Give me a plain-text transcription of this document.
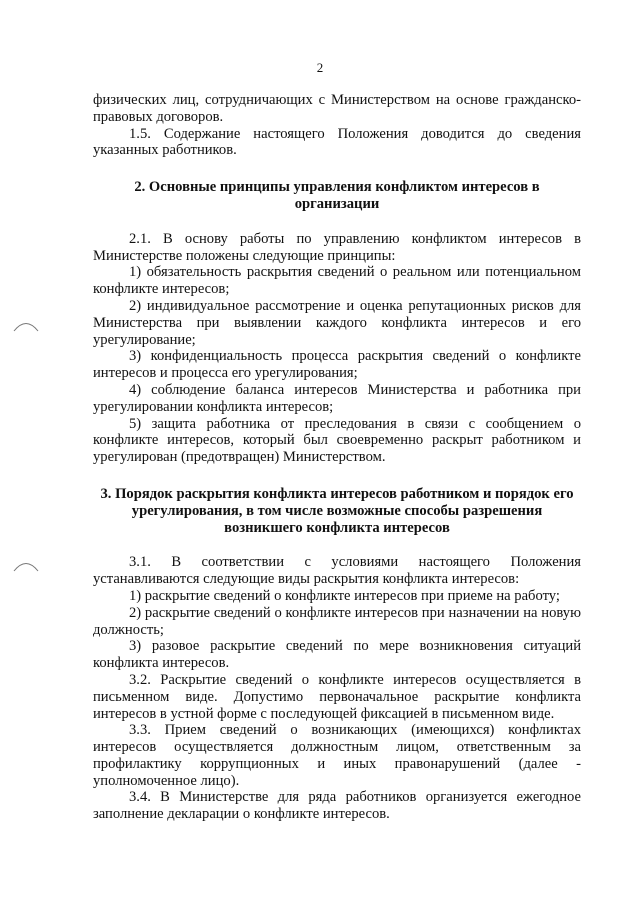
2

физических лиц, сотрудничающих с Министерством на основе гражданско-правовых договоров.

1.5. Содержание настоящего Положения доводится до сведения указанных работников.

2. Основные принципы управления конфликтом интересов в организации

2.1. В основу работы по управлению конфликтом интересов в Министерстве положены следующие принципы:

1) обязательность раскрытия сведений о реальном или потенциальном конфликте интересов;

2) индивидуальное рассмотрение и оценка репутационных рисков для Министерства при выявлении каждого конфликта интересов и его урегулирование;

3) конфиденциальность процесса раскрытия сведений о конфликте интересов и процесса его урегулирования;

4) соблюдение баланса интересов Министерства и работника при урегулировании конфликта интересов;

5) защита работника от преследования в связи с сообщением о конфликте интересов, который был своевременно раскрыт работником и урегулирован (предотвращен) Министерством.

3. Порядок раскрытия конфликта интересов работником и порядок его урегулирования, в том числе возможные способы разрешения возникшего конфликта интересов

3.1. В соответствии с условиями настоящего Положения устанавливаются следующие виды раскрытия конфликта интересов:

1) раскрытие сведений о конфликте интересов при приеме на работу;

2) раскрытие сведений о конфликте интересов при назначении на новую должность;

3) разовое раскрытие сведений по мере возникновения ситуаций конфликта интересов.

3.2. Раскрытие сведений о конфликте интересов осуществляется в письменном виде. Допустимо первоначальное раскрытие конфликта интересов в устной форме с последующей фиксацией в письменном виде.

3.3. Прием сведений о возникающих (имеющихся) конфликтах интересов осуществляется должностным лицом, ответственным за профилактику коррупционных и иных правонарушений (далее - уполномоченное лицо).

3.4. В Министерстве для ряда работников организуется ежегодное заполнение декларации о конфликте интересов.
